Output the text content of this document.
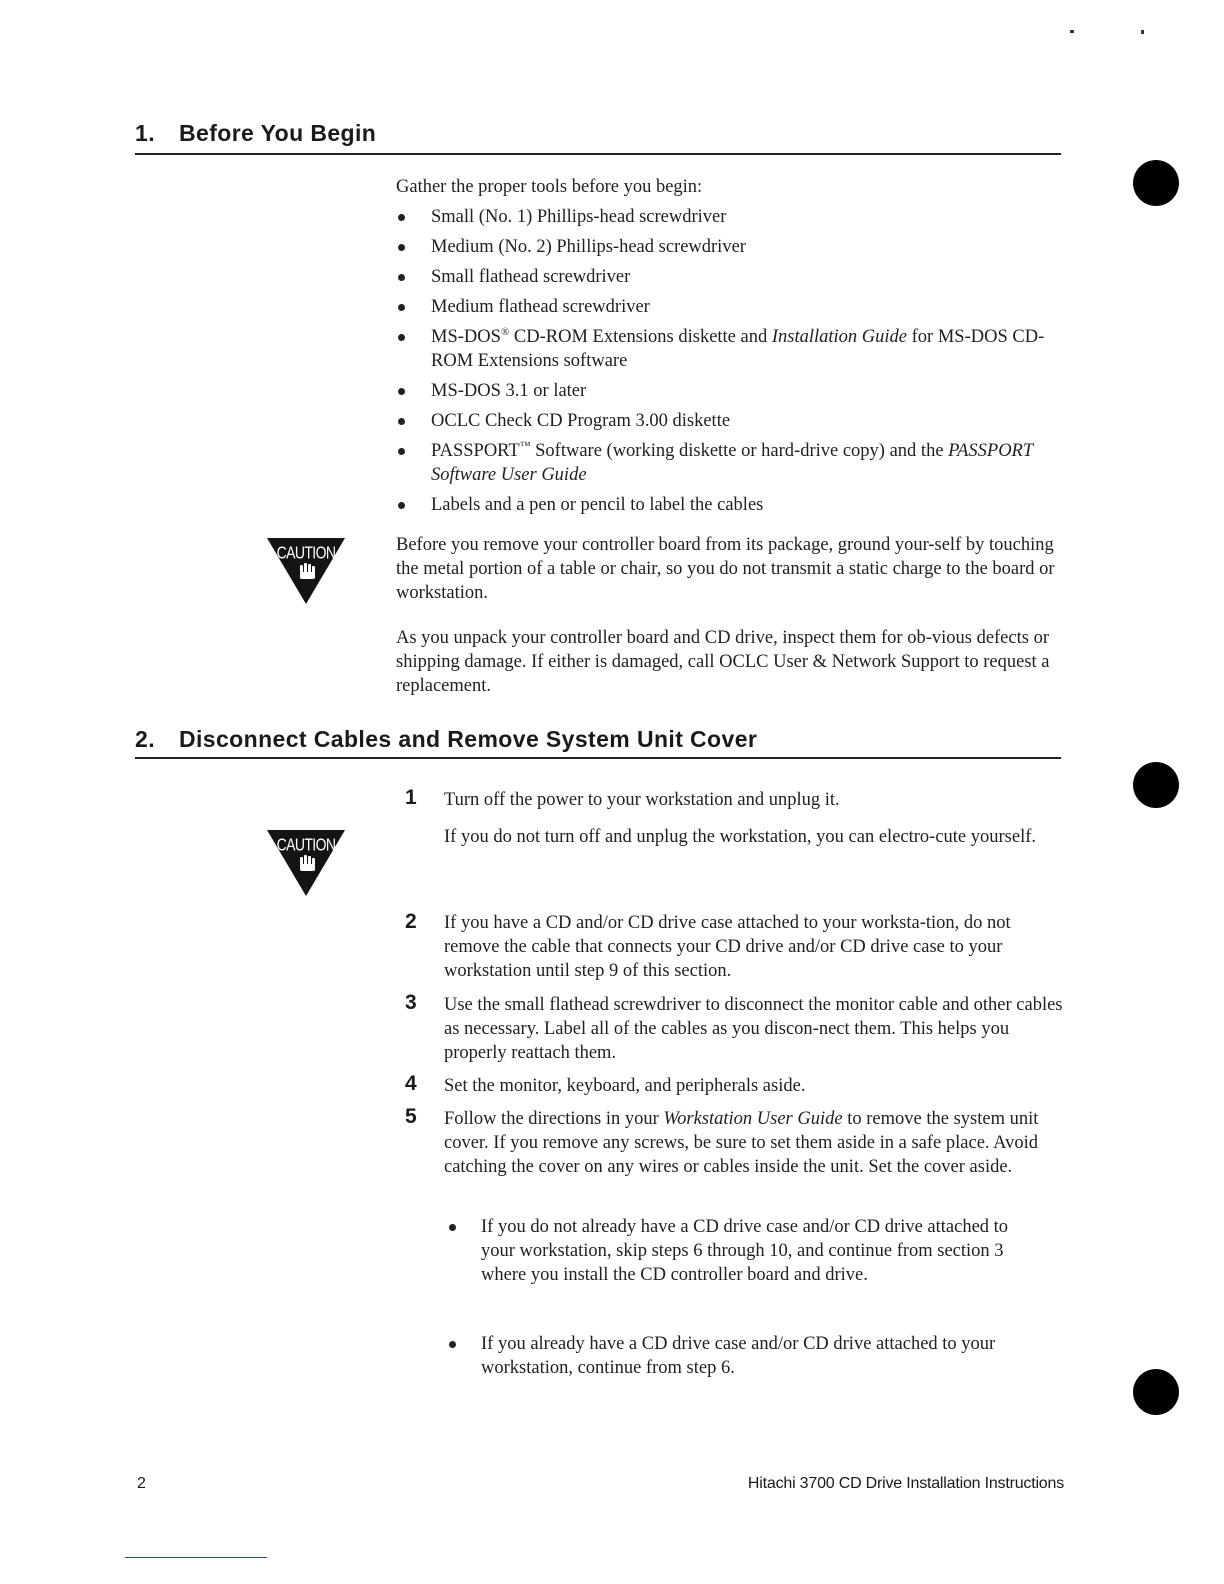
1. Before You Begin
Gather the proper tools before you begin:
Small (No. 1) Phillips-head screwdriver
Medium (No. 2) Phillips-head screwdriver
Small flathead screwdriver
Medium flathead screwdriver
MS-DOS® CD-ROM Extensions diskette and Installation Guide for MS-DOS CD-ROM Extensions software
MS-DOS 3.1 or later
OCLC Check CD Program 3.00 diskette
PASSPORT™ Software (working diskette or hard-drive copy) and the PASSPORT Software User Guide
Labels and a pen or pencil to label the cables
CAUTION	Before you remove your controller board from its package, ground your-self by touching the metal portion of a table or chair, so you do not transmit a static charge to the board or workstation.
As you unpack your controller board and CD drive, inspect them for ob-vious defects or shipping damage. If either is damaged, call OCLC User & Network Support to request a replacement.
2. Disconnect Cables and Remove System Unit Cover
CAUTION
1	Turn off the power to your workstation and unplug it.
If you do not turn off and unplug the workstation, you can electro-cute yourself.
2	If you have a CD and/or CD drive case attached to your worksta-tion, do not remove the cable that connects your CD drive and/or CD drive case to your workstation until step 9 of this section.
3	Use the small flathead screwdriver to disconnect the monitor cable and other cables as necessary. Label all of the cables as you discon-nect them. This helps you properly reattach them.
4	Set the monitor, keyboard, and peripherals aside.
5	Follow the directions in your Workstation User Guide to remove the system unit cover. If you remove any screws, be sure to set them aside in a safe place. Avoid catching the cover on any wires or cables inside the unit. Set the cover aside.
If you do not already have a CD drive case and/or CD drive attached to your workstation, skip steps 6 through 10, and continue from section 3 where you install the CD controller board and drive.
If you already have a CD drive case and/or CD drive attached to your workstation, continue from step 6.
2	Hitachi 3700 CD Drive Installation Instructions
